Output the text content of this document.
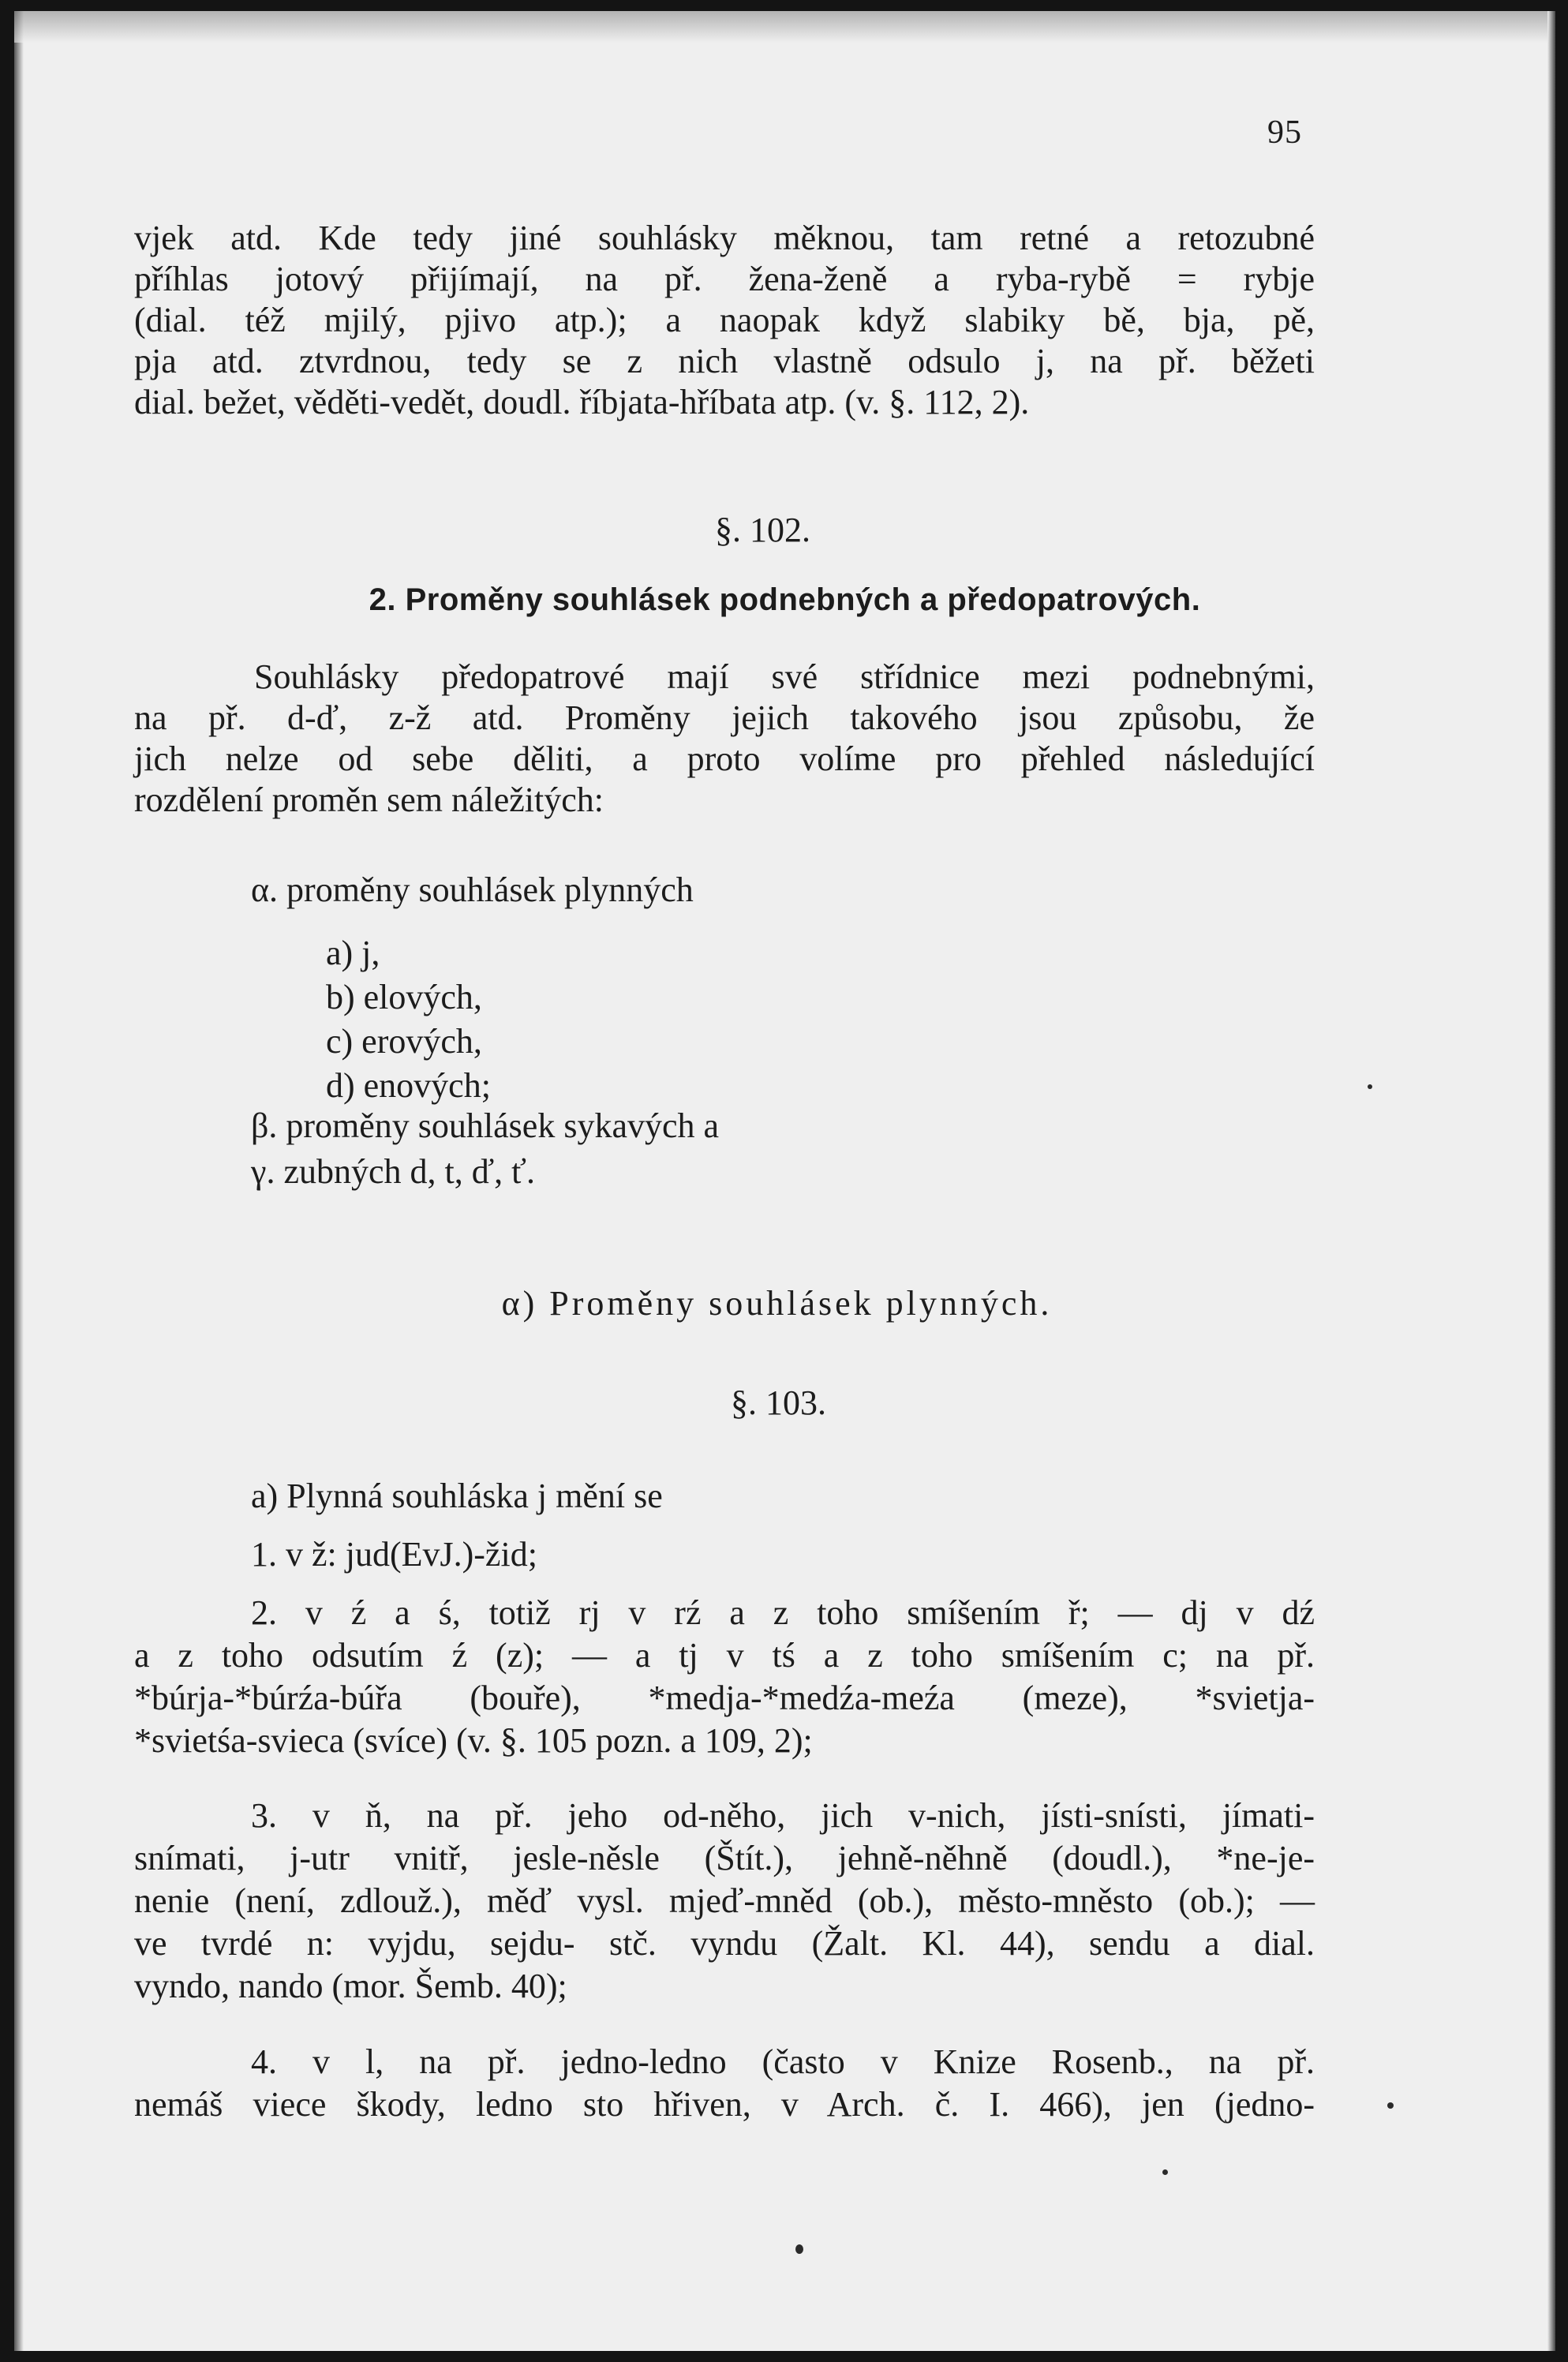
95
vjek atd. Kde tedy jiné souhlásky měknou, tam retné a retozubné
příhlas jotový přijímají, na př. žena-ženě a ryba-rybě = rybje
(dial. též mjilý, pjivo atp.); a naopak když slabiky bě, bja, pě,
pja atd. ztvrdnou, tedy se z nich vlastně odsulo j, na př. běžeti
dial. bežet, věděti-vedět, doudl. říbjata-hříbata atp. (v. §. 112, 2).
§. 102.
2. Proměny souhlásek podnebných a předopatrových.
Souhlásky předopatrové mají své střídnice mezi podnebnými,
na př. d-ď, z-ž atd. Proměny jejich takového jsou způsobu, že
jich nelze od sebe děliti, a proto volíme pro přehled následující
rozdělení proměn sem náležitých:
α. proměny souhlásek plynných
a) j,
b) elových,
c) erových,
d) enových;
β. proměny souhlásek sykavých a
γ. zubných d, t, ď, ť.
α) Proměny souhlásek plynných.
§. 103.
a) Plynná souhláska j mění se
1. v ž: jud(EvJ.)-žid;
2. v ź a ś, totiž rj v rź a z toho smíšením ř; — dj v dź
a z toho odsutím ź (z); — a tj v tś a z toho smíšením c; na př.
*búrja-*búrźa-búřa (bouře), *medja-*medźa-meźa (meze), *svietja-
*svietśa-svieca (svíce) (v. §. 105 pozn. a 109, 2);
3. v ň, na př. jeho od-něho, jich v-nich, jísti-snísti, jímati-
snímati, j-utr vnitř, jesle-něsle (Štít.), jehně-něhně (doudl.), *ne-je-
nenie (není, zdlouž.), měď vysl. mjeď-mněd (ob.), město-mněsto (ob.); —
ve tvrdé n: vyjdu, sejdu- stč. vyndu (Žalt. Kl. 44), sendu a dial.
vyndo, nando (mor. Šemb. 40);
4. v l, na př. jedno-ledno (často v Knize Rosenb., na př.
nemáš viece škody, ledno sto hřiven, v Arch. č. I. 466), jen (jedno-
